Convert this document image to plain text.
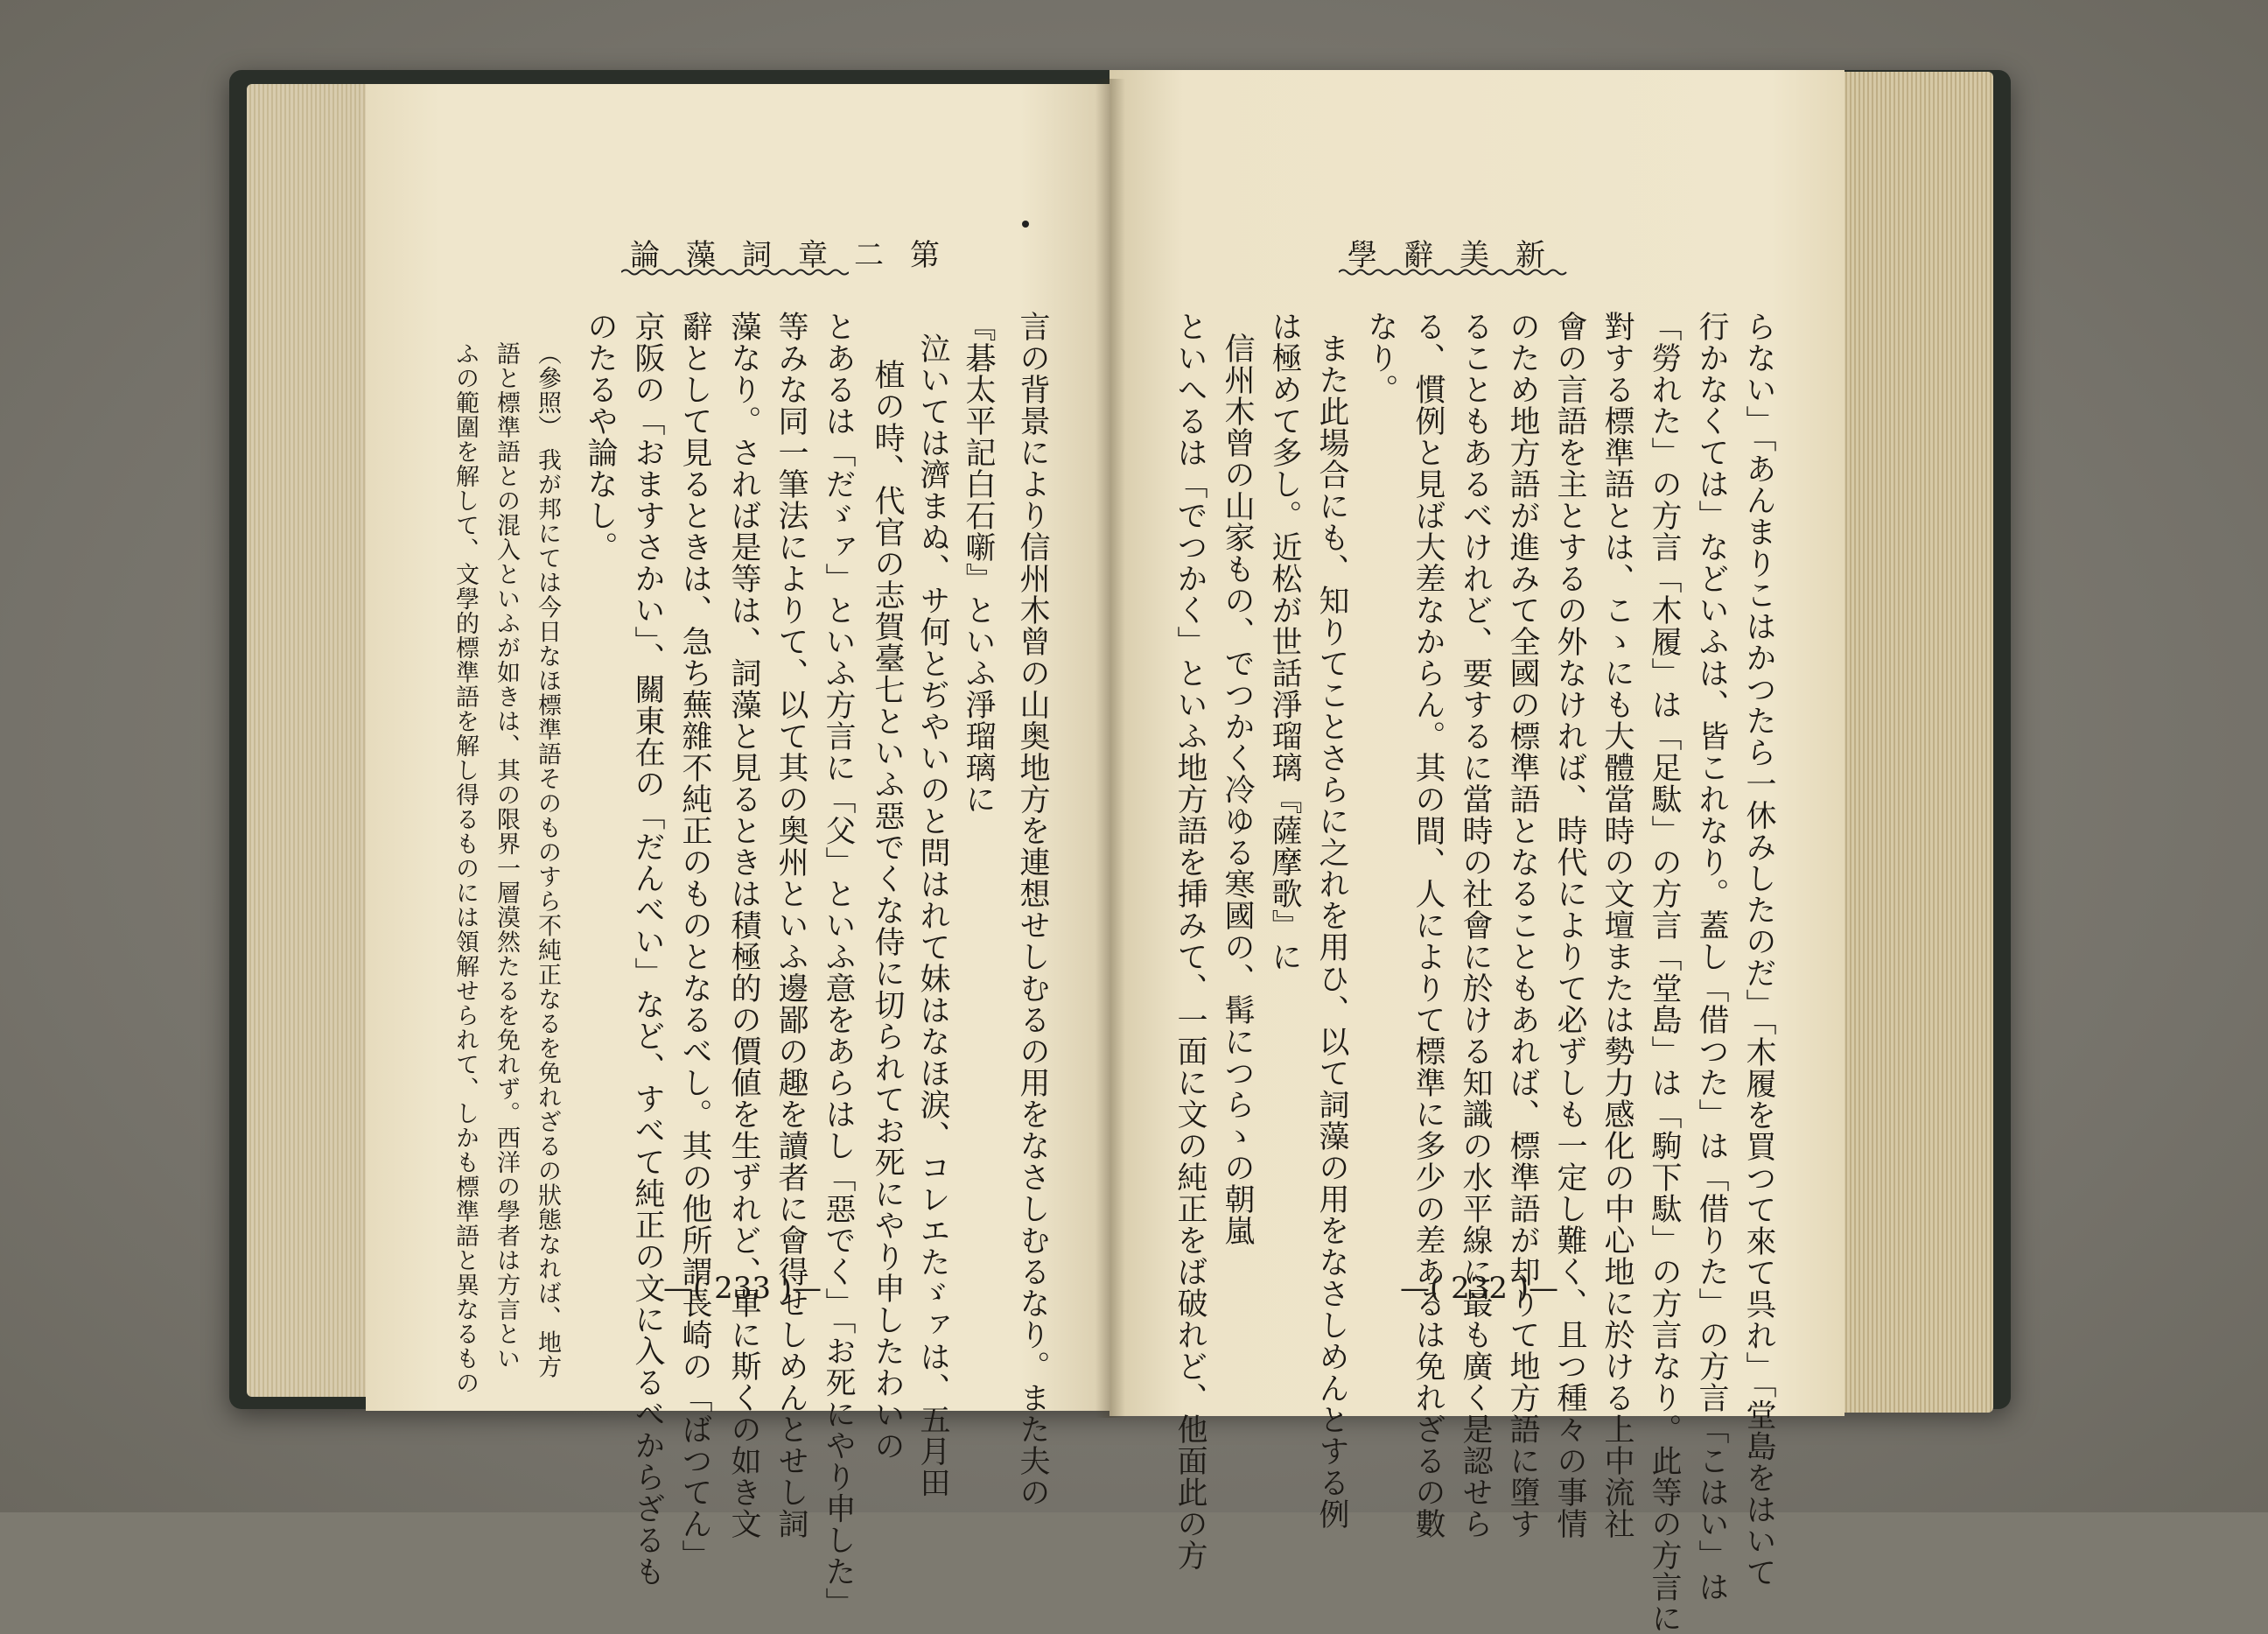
論藻詞章二第
言の背景により信州木曾の山奥地方を連想せしむるの用をなさしむるなり。また夫の
『碁太平記白石噺』といふ淨瑠璃に
泣いては濟まぬ、サ何とぢやいのと問はれて妹はなほ涙、コレエたゞァは、五月田
植の時、代官の志賀臺七といふ惡でくな侍に切られてお死にやり申したわいの
とあるは「だゞァ」といふ方言に「父」といふ意をあらはし「惡でく」「お死にやり申した」
等みな同一筆法によりて、以て其の奥州といふ邊鄙の趣を讀者に會得せしめんとせし詞
藻なり。されば是等は、詞藻と見るときは積極的の價値を生ずれど、單に斯くの如き文
辭として見るときは、急ち蕪雜不純正のものとなるべし。其の他所謂長崎の「ばつてん」
京阪の「おますさかい」、關東在の「だんべい」など、すべて純正の文に入るべからざるも
のたるや論なし。
（參照） 我が邦にては今日なほ標準語そのものすら不純正なるを免れざるの狀態なれば、地方
語と標準語との混入といふが如きは、其の限界一層漠然たるを免れず。西洋の學者は方言とい
ふの範圍を解して、文學的標準語を解し得るものには領解せられて、しかも標準語と異なるもの	—( 233 )—
學辭美新
らない」「あんまりこはかつたら一休みしたのだ」「木履を買つて來て呉れ」「堂島をはいて
行かなくては」などいふは、皆これなり。蓋し「借つた」は「借りた」の方言「こはい」は
「勞れた」の方言「木履」は「足駄」の方言「堂島」は「駒下駄」の方言なり。此等の方言に
對する標準語とは、こゝにも大體當時の文壇または勢力感化の中心地に於ける上中流社
會の言語を主とするの外なければ、時代によりて必ずしも一定し難く、且つ種々の事情
のため地方語が進みて全國の標準語となることもあれば、標準語が却りて地方語に墮す
ることもあるべけれど、要するに當時の社會に於ける知識の水平線に最も廣く是認せら
る、慣例と見ば大差なからん。其の間、人によりて標準に多少の差あるは免れざるの數
なり。
また此場合にも、知りてことさらに之れを用ひ、以て詞藻の用をなさしめんとする例
は極めて多し。近松が世話淨瑠璃『薩摩歌』に
信州木曾の山家もの、でつかく冷ゆる寒國の、髯につらゝの朝嵐
といへるは「でつかく」といふ地方語を挿みて、一面に文の純正をば破れど、他面此の方	—( 232 )—
